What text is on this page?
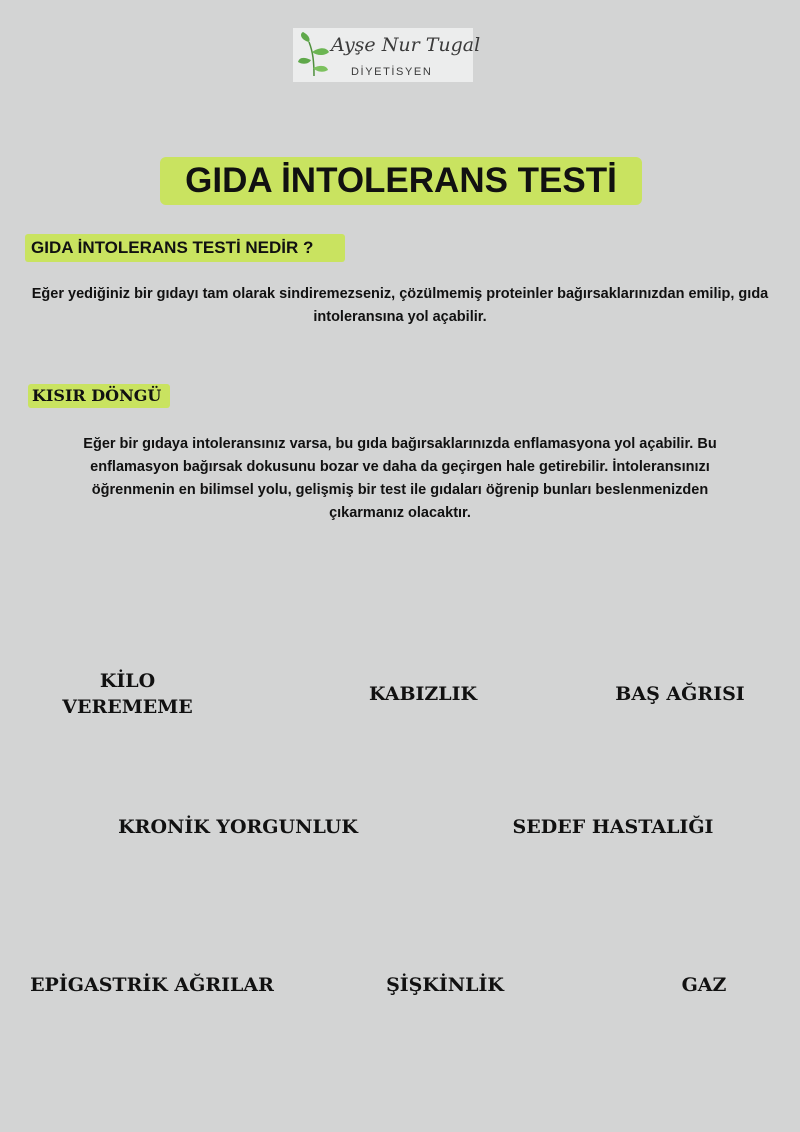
Ayşe Nur Tugal
DİYETİSYEN
GIDA İNTOLERANS TESTİ
GIDA İNTOLERANS TESTİ NEDİR ?
Eğer yediğiniz bir gıdayı tam olarak sindiremezseniz, çözülmemiş proteinler bağırsaklarınızdan emilip, gıda intoleransına yol açabilir.
KISIR DÖNGÜ
Eğer bir gıdaya intoleransınız varsa, bu gıda bağırsaklarınızda enflamasyona yol açabilir. Bu enflamasyon bağırsak dokusunu bozar ve daha da geçirgen hale getirebilir. İntoleransınızı öğrenmenin en bilimsel yolu, gelişmiş bir test ile gıdaları öğrenip bunları beslenmenizden çıkarmanız olacaktır.
KİLO VEREMEME
KABIZLIK	BAŞ AĞRISI
KRONİK YORGUNLUK	SEDEF HASTALIĞI
EPİGASTRİK AĞRILAR	ŞİŞKİNLİK	GAZ
